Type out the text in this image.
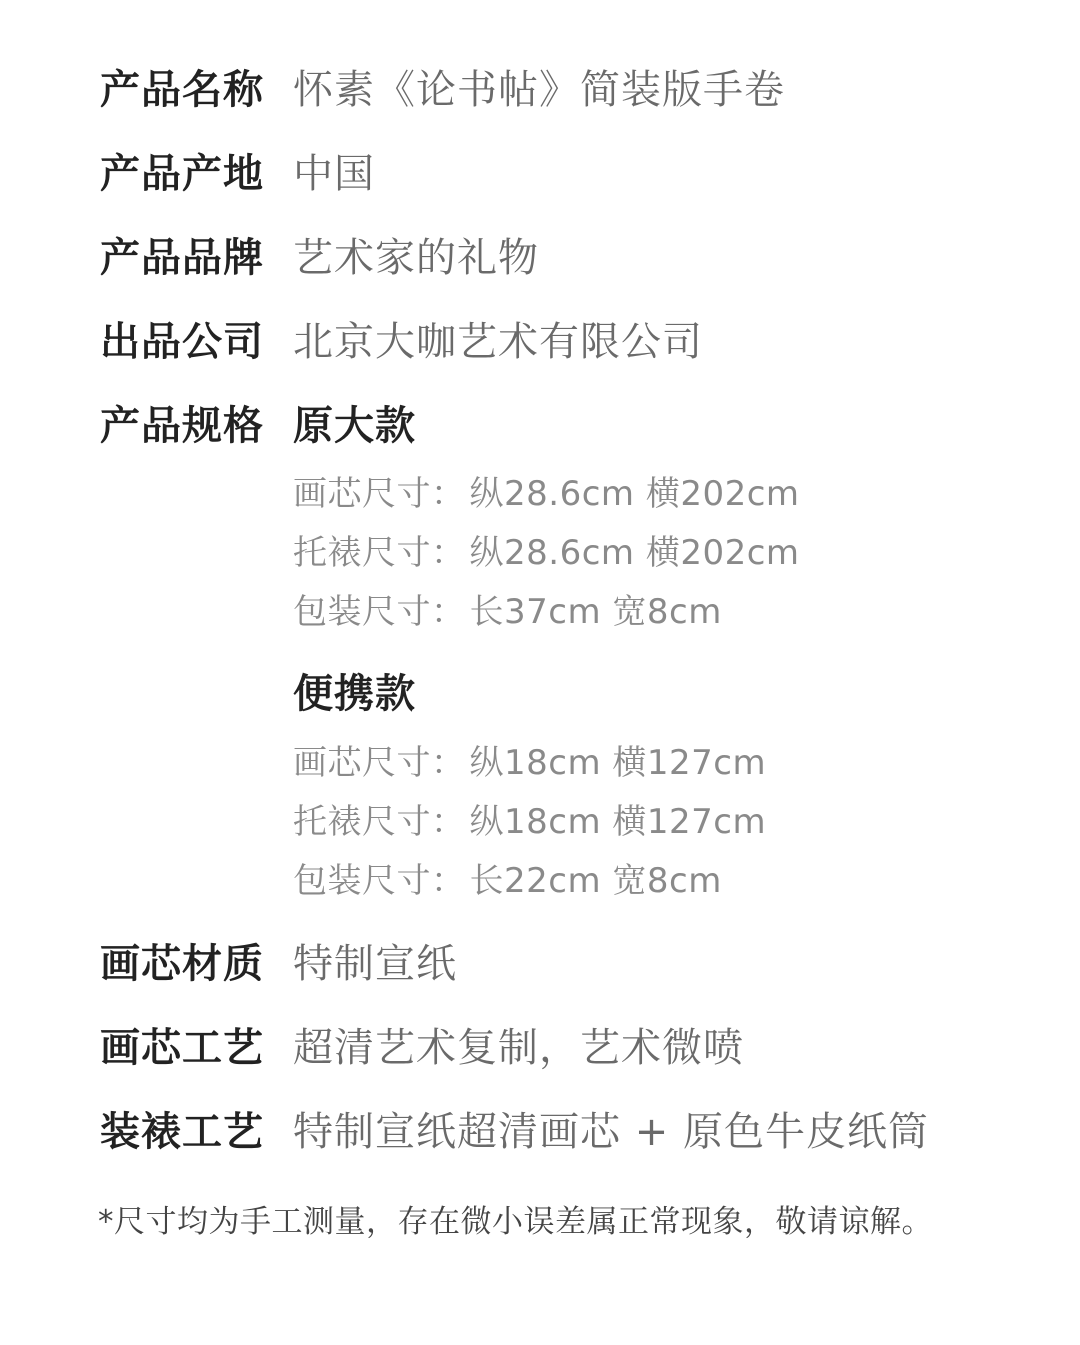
产品名称 怀素《论书帖》简装版手卷
产品产地 中国
产品品牌 艺术家的礼物
出品公司 北京大咖艺术有限公司
产品规格 原大款
画芯尺寸： 纵28.6cm 横202cm
托裱尺寸： 纵28.6cm 横202cm
包装尺寸： 长37cm 宽8cm
便携款
画芯尺寸： 纵18cm 横127cm
托裱尺寸： 纵18cm 横127cm
包装尺寸： 长22cm 宽8cm
画芯材质 特制宣纸
画芯工艺 超清艺术复制，艺术微喷
装裱工艺 特制宣纸超清画芯 + 原色牛皮纸筒
*尺寸均为手工测量，存在微小误差属正常现象，敬请谅解。
